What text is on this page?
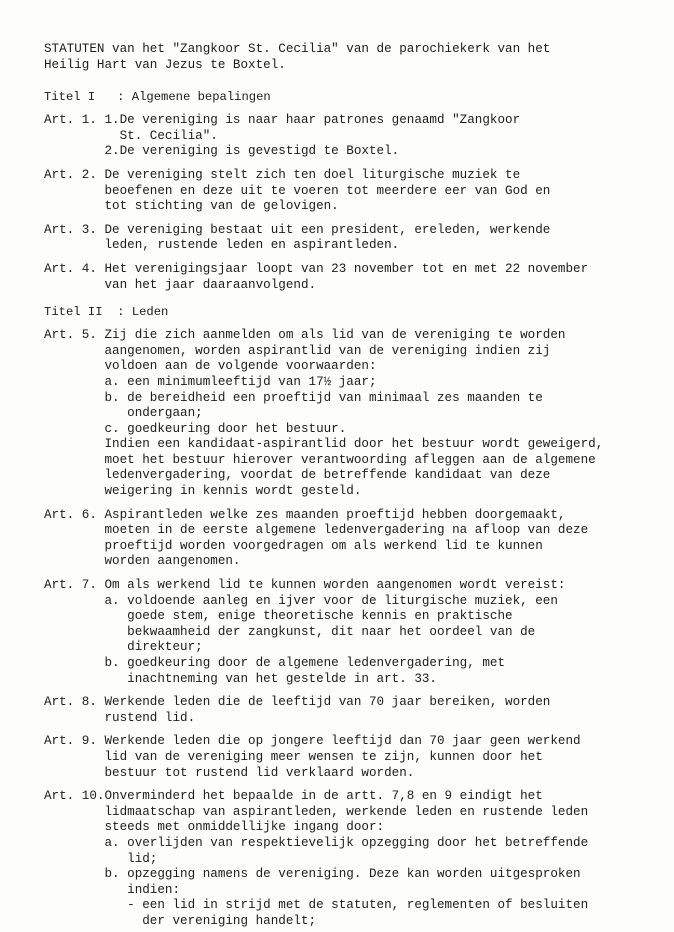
STATUTEN van het "Zangkoor St. Cecilia" van de parochiekerk van het
Heilig Hart van Jezus te Boxtel.
Titel I   : Algemene bepalingen
Art. 1. 1.De vereniging is naar haar patrones genaamd "Zangkoor
St. Cecilia".
2.De vereniging is gevestigd te Boxtel.
Art. 2. De vereniging stelt zich ten doel liturgische muziek te
beoefenen en deze uit te voeren tot meerdere eer van God en
tot stichting van de gelovigen.
Art. 3. De vereniging bestaat uit een president, ereleden, werkende
leden, rustende leden en aspirantleden.
Art. 4. Het verenigingsjaar loopt van 23 november tot en met 22 november
van het jaar daaraanvolgend.
Titel II  : Leden
Art. 5. Zij die zich aanmelden om als lid van de vereniging te worden
aangenomen, worden aspirantlid van de vereniging indien zij
voldoen aan de volgende voorwaarden:
a. een minimumleeftijd van 17½ jaar;
b. de bereidheid een proeftijd van minimaal zes maanden te
ondergaan;
c. goedkeuring door het bestuur.
Indien een kandidaat-aspirantlid door het bestuur wordt geweigerd,
moet het bestuur hierover verantwoording afleggen aan de algemene
ledenvergadering, voordat de betreffende kandidaat van deze
weigering in kennis wordt gesteld.
Art. 6. Aspirantleden welke zes maanden proeftijd hebben doorgemaakt,
moeten in de eerste algemene ledenvergadering na afloop van deze
proeftijd worden voorgedragen om als werkend lid te kunnen
worden aangenomen.
Art. 7. Om als werkend lid te kunnen worden aangenomen wordt vereist:
a. voldoende aanleg en ijver voor de liturgische muziek, een
goede stem, enige theoretische kennis en praktische
bekwaamheid der zangkunst, dit naar het oordeel van de
direkteur;
b. goedkeuring door de algemene ledenvergadering, met
inachtneming van het gestelde in art. 33.
Art. 8. Werkende leden die de leeftijd van 70 jaar bereiken, worden
rustend lid.
Art. 9. Werkende leden die op jongere leeftijd dan 70 jaar geen werkend
lid van de vereniging meer wensen te zijn, kunnen door het
bestuur tot rustend lid verklaard worden.
Art. 10.Onverminderd het bepaalde in de artt. 7,8 en 9 eindigt het
lidmaatschap van aspirantleden, werkende leden en rustende leden
steeds met onmiddellijke ingang door:
a. overlijden van respektievelijk opzegging door het betreffende
lid;
b. opzegging namens de vereniging. Deze kan worden uitgesproken
indien:
- een lid in strijd met de statuten, reglementen of besluiten
der vereniging handelt;
